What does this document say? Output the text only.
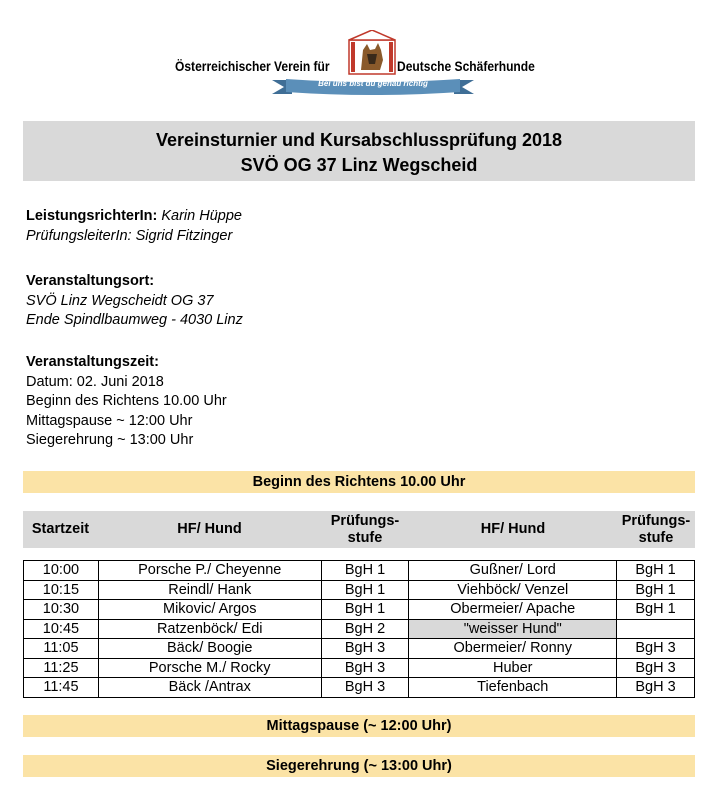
Österreichischer Verein für	Deutsche Schäferhunde
Bei uns bist du genau richtig
Vereinsturnier und Kursabschlussprüfung 2018
SVÖ OG 37 Linz Wegscheid
LeistungsrichterIn: Karin Hüppe
PrüfungsleiterIn: Sigrid Fitzinger
Veranstaltungsort:
SVÖ Linz Wegscheidt OG 37
Ende Spindlbaumweg - 4030 Linz
Veranstaltungszeit:
Datum: 02. Juni 2018
Beginn des Richtens 10.00 Uhr
Mittagspause ~ 12:00 Uhr
Siegerehrung ~ 13:00 Uhr
Beginn des Richtens 10.00 Uhr
Startzeit	HF/ Hund	Prüfungs-
stufe
HF/ Hund	Prüfungs-
stufe
10:00	Porsche P./ Cheyenne	BgH 1	Gußner/ Lord	BgH 1
10:15	Reindl/ Hank	BgH 1	Viehböck/ Venzel	BgH 1
10:30	Mikovic/ Argos	BgH 1	Obermeier/ Apache	BgH 1
10:45	Ratzenböck/ Edi	BgH 2	"weisser Hund"	
11:05	Bäck/ Boogie	BgH 3	Obermeier/ Ronny	BgH 3
11:25	Porsche M./ Rocky	BgH 3	Huber	BgH 3
11:45	Bäck /Antrax	BgH 3	Tiefenbach	BgH 3
Mittagspause (~ 12:00 Uhr)
Siegerehrung (~ 13:00 Uhr)
